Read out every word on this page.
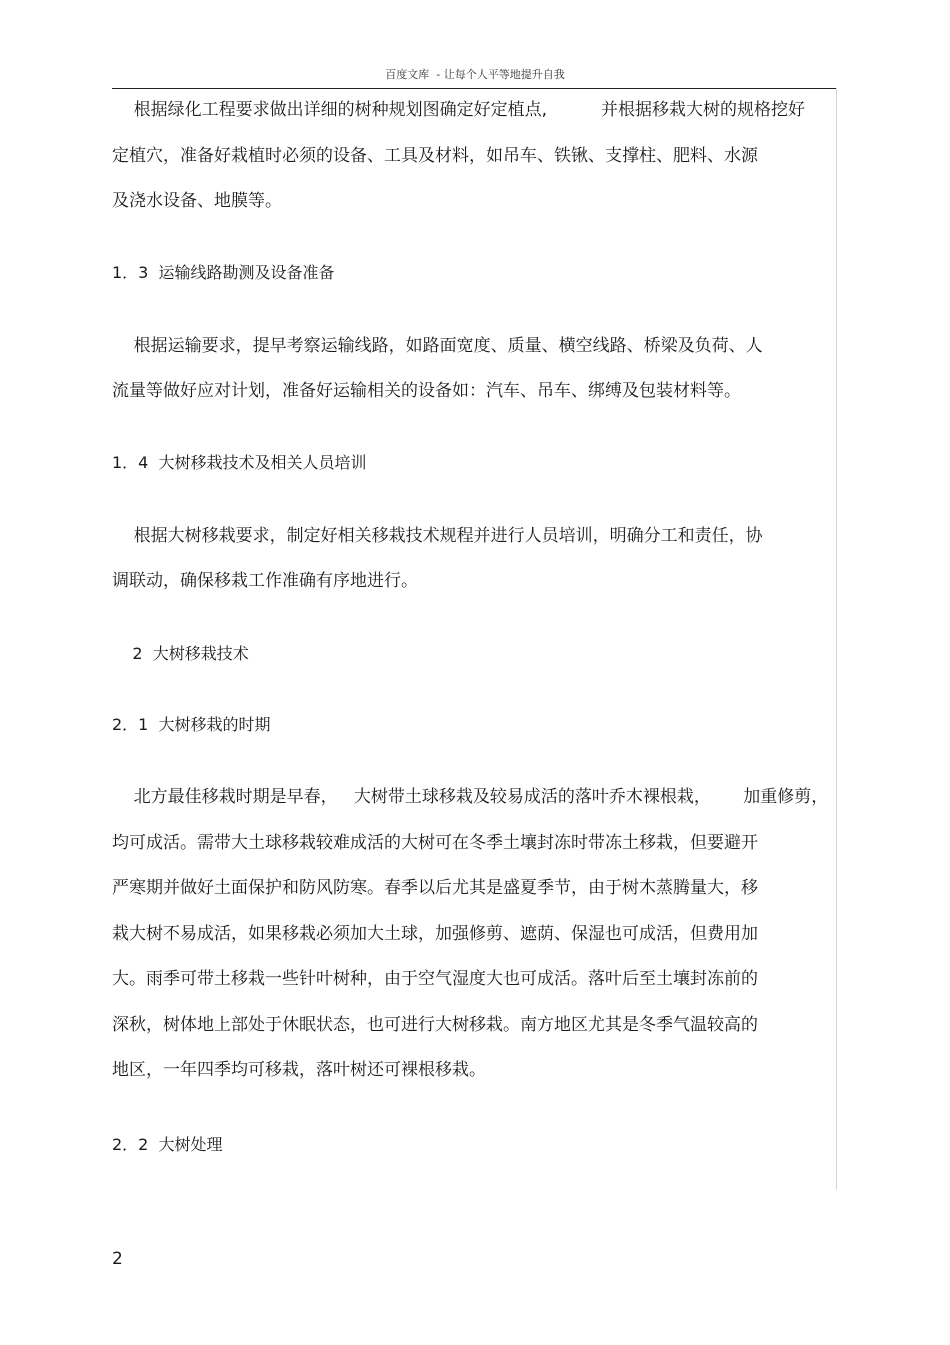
百度文库  - 让每个人平等地提升自我
根据绿化工程要求做出详细的树种规划图确定好定植点,          并根据移栽大树的规格挖好
定植穴，准备好栽植时必须的设备、工具及材料，如吊车、铁锹、支撑柱、肥料、水源
及浇水设备、地膜等。
1．3  运输线路勘测及设备准备
根据运输要求，提早考察运输线路，如路面宽度、质量、横空线路、桥梁及负荷、人
流量等做好应对计划，准备好运输相关的设备如：汽车、吊车、绑缚及包装材料等。
1．4  大树移栽技术及相关人员培训
根据大树移栽要求，制定好相关移栽技术规程并进行人员培训，明确分工和责任，协
调联动，确保移栽工作准确有序地进行。
2  大树移栽技术
2．1  大树移栽的时期
北方最佳移栽时期是早春，   大树带土球移栽及较易成活的落叶乔木裸根栽，      加重修剪，
均可成活。需带大土球移栽较难成活的大树可在冬季土壤封冻时带冻土移栽，但要避开
严寒期并做好土面保护和防风防寒。春季以后尤其是盛夏季节，由于树木蒸腾量大，移
栽大树不易成活，如果移栽必须加大土球，加强修剪、遮荫、保湿也可成活，但费用加
大。雨季可带土移栽一些针叶树种，由于空气湿度大也可成活。落叶后至土壤封冻前的
深秋，树体地上部处于休眠状态，也可进行大树移栽。南方地区尤其是冬季气温较高的
地区，一年四季均可移栽，落叶树还可裸根移栽。
2．2  大树处理
2
